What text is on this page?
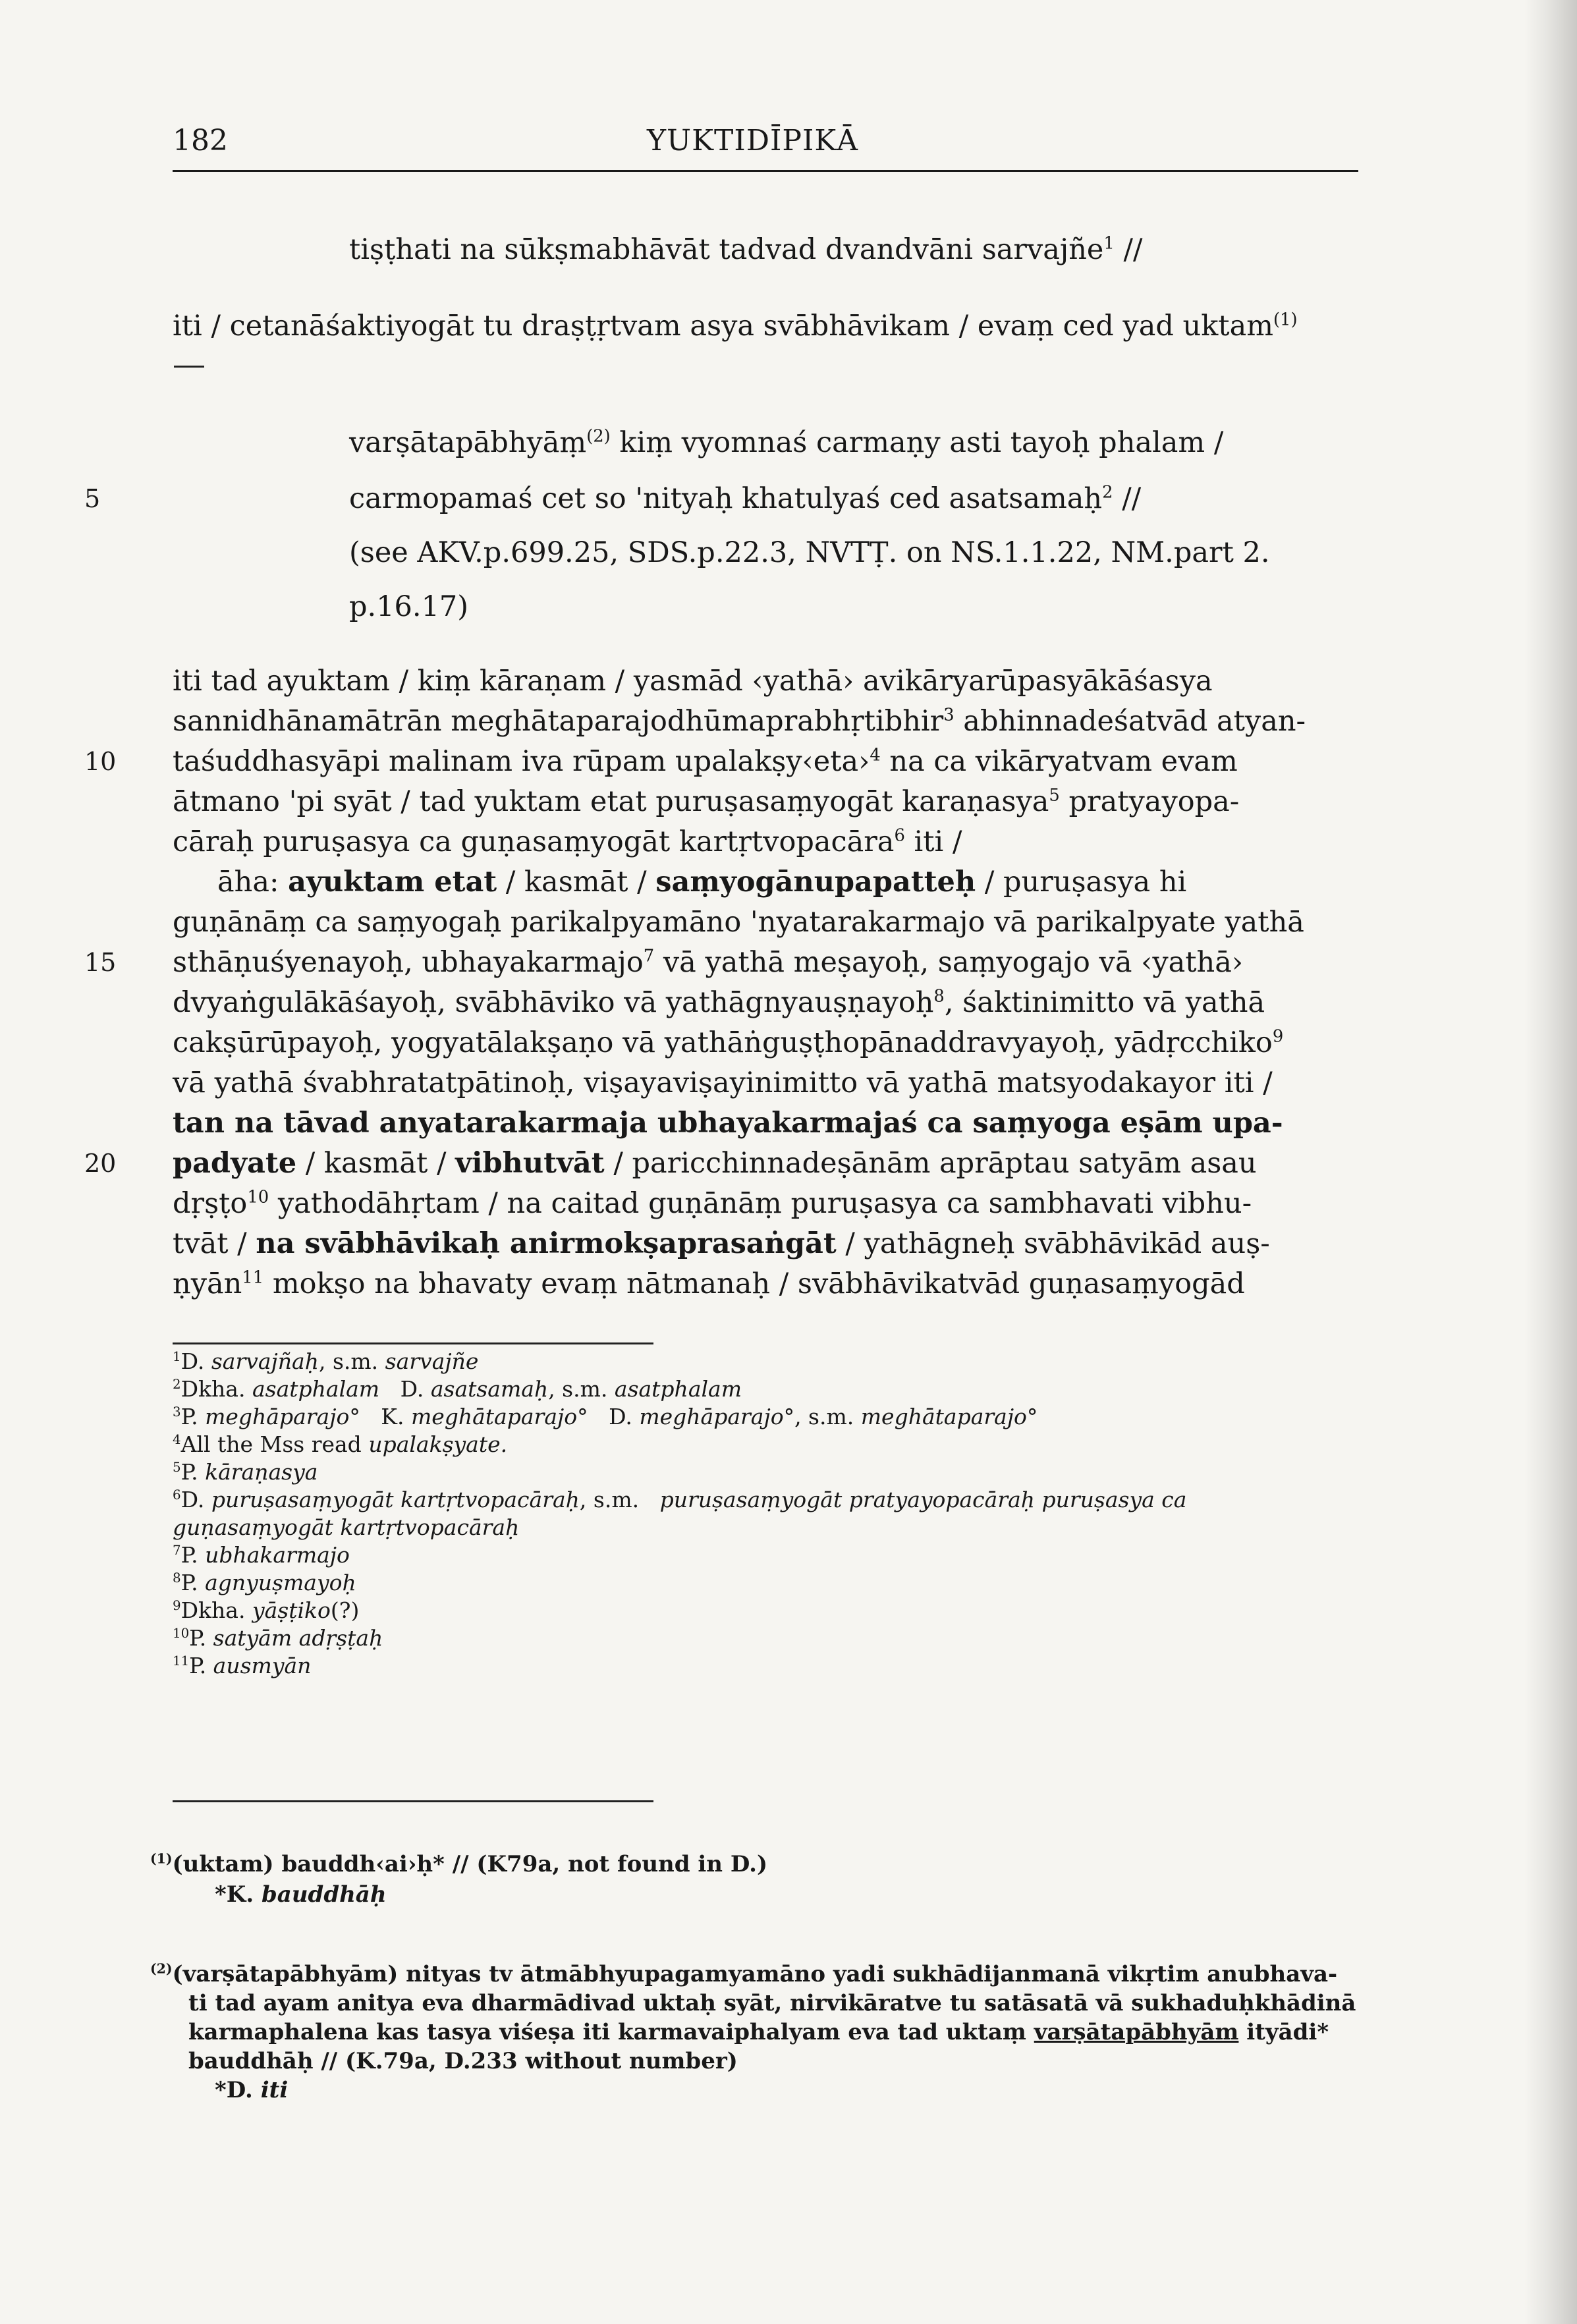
182	YUKTIDĪPIKĀ
tiṣṭhati na sūkṣmabhāvāt tadvad dvandvāni sarvajñe$^1$ //
iti / cetanāśaktiyogāt tu draṣṭṛtvam asya svābhāvikam / evaṃ ced yad uktam$^{(1)}$
varṣātapābhyāṃ$^{(2)}$ kiṃ vyomnaś carmaṇy asti tayoḥ phalam /
carmopamaś cet so 'nityaḥ khatulyaś ced asatsamaḥ$^2$ //
5
(see AKV.p.699.25, SDS.p.22.3, NVTṬ. on NS.1.1.22, NM.part 2.
p.16.17)
iti tad ayuktam / kiṃ kāraṇam / yasmād ‹yathā› avikāryarūpasyākāśasya
sannidhānamātrān meghātaparajodhūmaprabhṛtibhir$^3$ abhinnadeśatvād atyan-
taśuddhasyāpi malinam iva rūpam upalakṣy‹eta›$^4$ na ca vikāryatvam evam
10
ātmano 'pi syāt / tad yuktam etat puruṣasaṃyogāt karaṇasya$^5$ pratyayopa-
cāraḥ puruṣasya ca guṇasaṃyogāt kartṛtvopacāra$^6$ iti /
āha: ayuktam etat / kasmāt / saṃyogānupapatteḥ / puruṣasya hi
guṇānāṃ ca saṃyogaḥ parikalpyamāno 'nyatarakarmajo vā parikalpyate yathā
sthāṇuśyenayoḥ, ubhayakarmajo$^7$ vā yathā meṣayoḥ, saṃyogajo vā ‹yathā›
15
dvyaṅgulākāśayoḥ, svābhāviko vā yathāgnyauṣṇayoḥ$^8$, śaktinimitto vā yathā
cakṣūrūpayoḥ, yogyatālakṣaṇo vā yathāṅguṣṭhopānaddravyayoḥ, yādṛcchiko$^9$
vā yathā śvabhratatpātinoḥ, viṣayaviṣayinimitto vā yathā matsyodakayor iti /
tan na tāvad anyatarakarmaja ubhayakarmajaś ca saṃyoga eṣām upa-
padyate / kasmāt / vibhutvāt / paricchinnadeṣānām aprāptau satyām asau
20
dṛṣṭo$^{10}$ yathodāhṛtam / na caitad guṇānāṃ puruṣasya ca sambhavati vibhu-
tvāt / na svābhāvikaḥ anirmokṣaprasaṅgāt / yathāgneḥ svābhāvikād auṣ-
ṇyān$^{11}$ mokṣo na bhavaty evaṃ nātmanaḥ / svābhāvikatvād guṇasaṃyogād
$^1$D. sarvajñaḥ, s.m. sarvajñe
$^2$Dkha. asatphalam   D. asatsamaḥ, s.m. asatphalam
$^3$P. meghāparajo°   K. meghātaparajo°   D. meghāparajo°, s.m. meghātaparajo°
$^4$All the Mss read upalakṣyate.
$^5$P. kāraṇasya
$^6$D. puruṣasaṃyogāt kartṛtvopacāraḥ, s.m.   puruṣasaṃyogāt pratyayopacāraḥ puruṣasya ca
guṇasaṃyogāt kartṛtvopacāraḥ
$^7$P. ubhakarmajo
$^8$P. agnyuṣmayoḥ
$^9$Dkha. yāṣṭiko(?)
$^{10}$P. satyām adṛṣṭaḥ
$^{11}$P. ausmyān
$^{(1)}$(uktam) bauddh‹ai›ḥ* // (K79a, not found in D.)
*K. bauddhāḥ
$^{(2)}$(varṣātapābhyām) nityas tv ātmābhyupagamyamāno yadi sukhādijanmanā vikṛtim anubhava-
ti tad ayam anitya eva dharmādivad uktaḥ syāt, nirvikāratve tu satāsatā vā sukhaduḥkhādinā
karmaphalena kas tasya viśeṣa iti karmavaiphalyam eva tad uktaṃ varṣātapābhyām ityādi*
bauddhāḥ // (K.79a, D.233 without number)
*D. iti
